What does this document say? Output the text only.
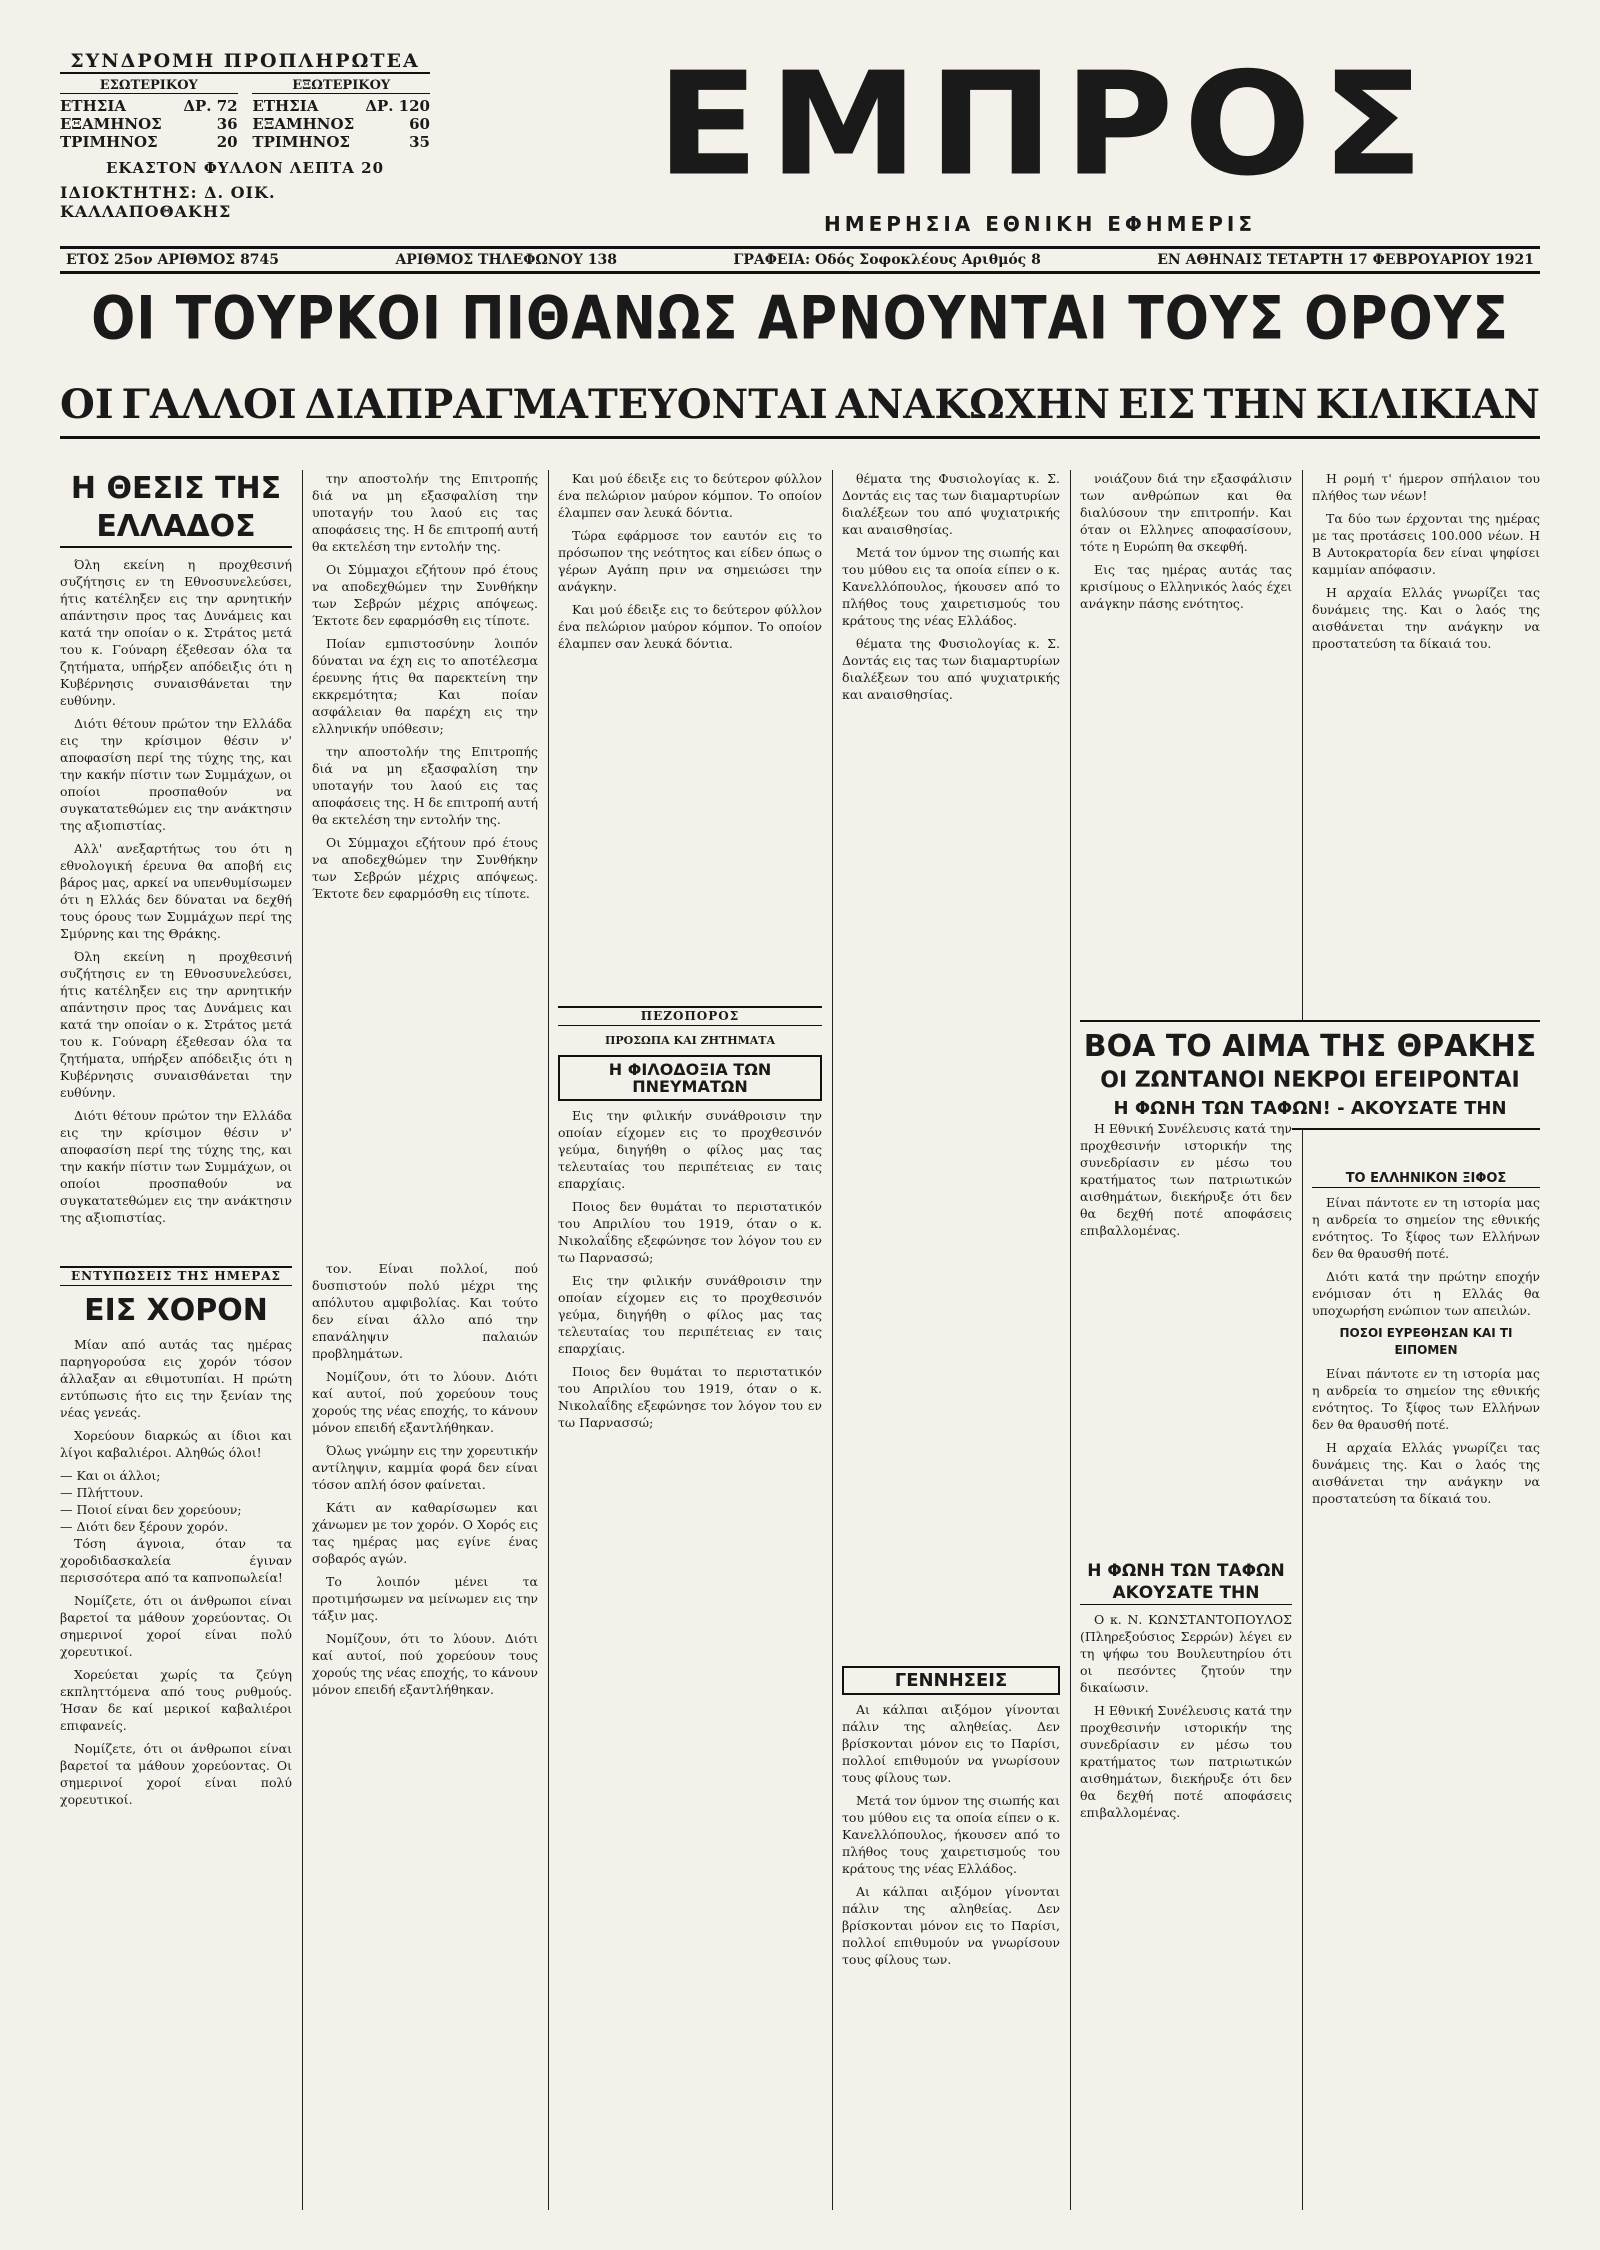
ΣΥΝΔΡΟΜΗ ΠΡΟΠΛΗΡΩΤΕΑ
ΕΣΩΤΕΡΙΚΟΥ
ΕΤΗΣΙΑ	ΔΡ. 72
ΕΞΑΜΗΝΟΣ	36
ΤΡΙΜΗΝΟΣ	20
ΕΞΩΤΕΡΙΚΟΥ
ΕΤΗΣΙΑ	ΔΡ. 120
ΕΞΑΜΗΝΟΣ	60
ΤΡΙΜΗΝΟΣ	35
ΕΚΑΣΤΟΝ ΦΥΛΛΟΝ ΛΕΠΤΑ 20
ΙΔΙΟΚΤΗΤΗΣ: Δ. ΟΙΚ. ΚΑΛΛΑΠΟΘΑΚΗΣ
ΕΜΠΡΟΣ
ΗΜΕΡΗΣΙΑ ΕΘΝΙΚΗ ΕΦΗΜΕΡΙΣ
ΕΤΟΣ 25ον ΑΡΙΘΜΟΣ 8745	ΑΡΙΘΜΟΣ ΤΗΛΕΦΩΝΟΥ 138	ΓΡΑΦΕΙΑ: Οδός Σοφοκλέους Αριθμός 8	ΕΝ ΑΘΗΝΑΙΣ ΤΕΤΑΡΤΗ 17 ΦΕΒΡΟΥΑΡΙΟΥ 1921
ΟΙ ΤΟΥΡΚΟΙ ΠΙΘΑΝΩΣ ΑΡΝΟΥΝΤΑΙ ΤΟΥΣ ΟΡΟΥΣ
ΟΙ ΓΑΛΛΟΙ ΔΙΑΠΡΑΓΜΑΤΕΥΟΝΤΑΙ ΑΝΑΚΩΧΗΝ ΕΙΣ ΤΗΝ ΚΙΛΙΚΙΑΝ
Η ΘΕΣΙΣ ΤΗΣ ΕΛΛΑΔΟΣ

Όλη εκείνη η προχθεσινή συζήτησις εν τη Εθνοσυνελεύσει, ήτις κατέληξεν εις την αρνητικήν απάντησιν προς τας Δυνάμεις και κατά την οποίαν ο κ. Στράτος μετά του κ. Γούναρη έξεθεσαν όλα τα ζητήματα, υπήρξεν απόδειξις ότι η Κυβέρνησις συναισθάνεται την ευθύνην.

Διότι θέτουν πρώτον την Ελλάδα εις την κρίσιμον θέσιν ν' αποφασίση περί της τύχης της, και την κακήν πίστιν των Συμμάχων, οι οποίοι προσπαθούν να συγκατατεθώμεν εις την ανάκτησιν της αξιοπιστίας.

Αλλ' ανεξαρτήτως του ότι η εθνολογική έρευνα θα αποβή εις βάρος μας, αρκεί να υπενθυμίσωμεν ότι η Ελλάς δεν δύναται να δεχθή τους όρους των Συμμάχων περί της Σμύρνης και της Θράκης.

Όλη εκείνη η προχθεσινή συζήτησις εν τη Εθνοσυνελεύσει, ήτις κατέληξεν εις την αρνητικήν απάντησιν προς τας Δυνάμεις και κατά την οποίαν ο κ. Στράτος μετά του κ. Γούναρη έξεθεσαν όλα τα ζητήματα, υπήρξεν απόδειξις ότι η Κυβέρνησις συναισθάνεται την ευθύνην.

Διότι θέτουν πρώτον την Ελλάδα εις την κρίσιμον θέσιν ν' αποφασίση περί της τύχης της, και την κακήν πίστιν των Συμμάχων, οι οποίοι προσπαθούν να συγκατατεθώμεν εις την ανάκτησιν της αξιοπιστίας.

ΕΝΤΥΠΩΣΕΙΣ ΤΗΣ ΗΜΕΡΑΣ
ΕΙΣ ΧΟΡΟΝ

Μίαν από αυτάς τας ημέρας παρηγορούσα εις χορόν τόσον άλλαξαν αι εθιμοτυπίαι. Η πρώτη εντύπωσις ήτο εις την ξενίαν της νέας γενεάς.

Χορεύουν διαρκώς αι ίδιοι και λίγοι καβαλιέροι. Αληθώς όλοι!

— Και οι άλλοι;
— Πλήττουν.
— Ποιοί είναι δεν χορεύουν;
— Διότι δεν ξέρουν χορόν.

Τόση άγνοια, όταν τα χοροδιδασκαλεία έγιναν περισσότερα από τα καπνοπωλεία!

Νομίζετε, ότι οι άνθρωποι είναι βαρετοί τα μάθουν χορεύοντας. Οι σημερινοί χοροί είναι πολύ χορευτικοί.

Χορεύεται χωρίς τα ζεύγη εκπληττόμενα από τους ρυθμούς. Ήσαν δε καί μερικοί καβαλιέροι επιφανείς.

Νομίζετε, ότι οι άνθρωποι είναι βαρετοί τα μάθουν χορεύοντας. Οι σημερινοί χοροί είναι πολύ χορευτικοί.

την αποστολήν της Επιτροπής διά να μη εξασφαλίση την υποταγήν του λαού εις τας αποφάσεις της. Η δε επιτροπή αυτή θα εκτελέση την εντολήν της.

Οι Σύμμαχοι εζήτουν πρό έτους να αποδεχθώμεν την Συνθήκην των Σεβρών μέχρις απόψεως. Έκτοτε δεν εφαρμόσθη εις τίποτε.

Ποίαν εμπιστοσύνην λοιπόν δύναται να έχη εις το αποτέλεσμα έρευνης ήτις θα παρεκτείνη την εκκρεμότητα; Και ποίαν ασφάλειαν θα παρέχη εις την ελληνικήν υπόθεσιν;

την αποστολήν της Επιτροπής διά να μη εξασφαλίση την υποταγήν του λαού εις τας αποφάσεις της. Η δε επιτροπή αυτή θα εκτελέση την εντολήν της.

Οι Σύμμαχοι εζήτουν πρό έτους να αποδεχθώμεν την Συνθήκην των Σεβρών μέχρις απόψεως. Έκτοτε δεν εφαρμόσθη εις τίποτε.

τον. Είναι πολλοί, πού δυσπιστούν πολύ μέχρι της απόλυτου αμφιβολίας. Και τούτο δεν είναι άλλο από την επανάληψιν παλαιών προβλημάτων.

Νομίζουν, ότι το λύουν. Διότι καί αυτοί, πού χορεύουν τους χορούς της νέας εποχής, το κάνουν μόνον επειδή εξαντλήθηκαν.

Όλως γνώμην εις την χορευτικήν αντίληψιν, καμμία φορά δεν είναι τόσον απλή όσον φαίνεται.

Κάτι αν καθαρίσωμεν και χάνωμεν με τον χορόν. Ο Χορός εις τας ημέρας μας εγίνε ένας σοβαρός αγών.

Το λοιπόν μένει τα προτιμήσωμεν να μείνωμεν εις την τάξιν μας.

Νομίζουν, ότι το λύουν. Διότι καί αυτοί, πού χορεύουν τους χορούς της νέας εποχής, το κάνουν μόνον επειδή εξαντλήθηκαν.

Και μού έδειξε εις το δεύτερον φύλλον ένα πελώριον μαύρον κόμπον. Το οποίον έλαμπεν σαν λευκά δόντια.

Τώρα εφάρμοσε τον εαυτόν εις το πρόσωπον της νεότητος και είδεν όπως ο γέρων Αγάπη πριν να σημειώσει την ανάγκην.

Και μού έδειξε εις το δεύτερον φύλλον ένα πελώριον μαύρον κόμπον. Το οποίον έλαμπεν σαν λευκά δόντια.

ΠΕΖΟΠΟΡΟΣ
ΠΡΟΣΩΠΑ ΚΑΙ ΖΗΤΗΜΑΤΑ
Η ΦΙΛΟΔΟΞΙΑ ΤΩΝ ΠΝΕΥΜΑΤΩΝ

Εις την φιλικήν συνάθροισιν την οποίαν είχομεν εις το προχθεσινόν γεύμα, διηγήθη ο φίλος μας τας τελευταίας του περιπέτειας εν ταις επαρχίαις.

Ποιος δεν θυμάται το περιστατικόν του Απριλίου του 1919, όταν ο κ. Νικολαΐδης εξεφώνησε τον λόγον του εν τω Παρνασσώ;

Εις την φιλικήν συνάθροισιν την οποίαν είχομεν εις το προχθεσινόν γεύμα, διηγήθη ο φίλος μας τας τελευταίας του περιπέτειας εν ταις επαρχίαις.

Ποιος δεν θυμάται το περιστατικόν του Απριλίου του 1919, όταν ο κ. Νικολαΐδης εξεφώνησε τον λόγον του εν τω Παρνασσώ;

θέματα της Φυσιολογίας κ. Σ. Δοντάς εις τας των διαμαρτυρίων διαλέξεων του από ψυχιατρικής και αναισθησίας.

Μετά τον ύμνον της σιωπής και του μύθου εις τα οποία είπεν ο κ. Κανελλόπουλος, ήκουσεν από το πλήθος τους χαιρετισμούς του κράτους της νέας Ελλάδος.

θέματα της Φυσιολογίας κ. Σ. Δοντάς εις τας των διαμαρτυρίων διαλέξεων του από ψυχιατρικής και αναισθησίας.

ΓΕΝΝΗΣΕΙΣ

Αι κάλπαι αιξόμον γίνονται πάλιν της αληθείας. Δεν βρίσκονται μόνον εις το Παρίσι, πολλοί επιθυμούν να γνωρίσουν τους φίλους των.

Μετά τον ύμνον της σιωπής και του μύθου εις τα οποία είπεν ο κ. Κανελλόπουλος, ήκουσεν από το πλήθος τους χαιρετισμούς του κράτους της νέας Ελλάδος.

Αι κάλπαι αιξόμον γίνονται πάλιν της αληθείας. Δεν βρίσκονται μόνον εις το Παρίσι, πολλοί επιθυμούν να γνωρίσουν τους φίλους των.

νοιάζουν διά την εξασφάλισιν των ανθρώπων και θα διαλύσουν την επιτροπήν. Και όταν οι Ελληνες αποφασίσουν, τότε η Ευρώπη θα σκεφθή.

Εις τας ημέρας αυτάς τας κρισίμους ο Ελληνικός λαός έχει ανάγκην πάσης ενότητος.

Η ΦΩΝΗ ΤΩΝ ΤΑΦΩΝ
ΑΚΟΥΣΑΤΕ ΤΗΝ

Ο κ. Ν. ΚΩΝΣΤΑΝΤΟΠΟΥΛΟΣ (Πληρεξούσιος Σερρών) λέγει εν τη ψήφω του Βουλευτηρίου ότι οι πεσόντες ζητούν την δικαίωσιν.

Η Εθνική Συνέλευσις κατά την προχθεσινήν ιστορικήν της συνεδρίασιν εν μέσω του κρατήματος των πατριωτικών αισθημάτων, διεκήρυξε ότι δεν θα δεχθή ποτέ αποφάσεις επιβαλλομένας.

Η ρομή τ' ήμερον σπήλαιον του πλήθος των νέων!

Τα δύο των έρχονται της ημέρας με τας προτάσεις 100.000 νέων. Η Β Αυτοκρατορία δεν είναι ψηφίσει καμμίαν απόφασιν.

Η αρχαία Ελλάς γνωρίζει τας δυνάμεις της. Και ο λαός της αισθάνεται την ανάγκην να προστατεύση τα δίκαιά του.

ΤΟ ΕΛΛΗΝΙΚΟΝ ΞΙΦΟΣ

Είναι πάντοτε εν τη ιστορία μας η ανδρεία το σημείον της εθνικής ενότητος. Το ξίφος των Ελλήνων δεν θα θραυσθή ποτέ.

Διότι κατά την πρώτην εποχήν ενόμισαν ότι η Ελλάς θα υποχωρήση ενώπιον των απειλών.

ΠΟΣΟΙ ΕΥΡΕΘΗΣΑΝ ΚΑΙ ΤΙ ΕΙΠΟΜΕΝ

Είναι πάντοτε εν τη ιστορία μας η ανδρεία το σημείον της εθνικής ενότητος. Το ξίφος των Ελλήνων δεν θα θραυσθή ποτέ.

Η αρχαία Ελλάς γνωρίζει τας δυνάμεις της. Και ο λαός της αισθάνεται την ανάγκην να προστατεύση τα δίκαιά του.

ΒΟΑ ΤΟ ΑΙΜΑ ΤΗΣ ΘΡΑΚΗΣ
ΟΙ ΖΩΝΤΑΝΟΙ ΝΕΚΡΟΙ ΕΓΕΙΡΟΝΤΑΙ
Η ΦΩΝΗ ΤΩΝ ΤΑΦΩΝ! - ΑΚΟΥΣΑΤΕ ΤΗΝ

Η Εθνική Συνέλευσις κατά την προχθεσινήν ιστορικήν της συνεδρίασιν εν μέσω του κρατήματος των πατριωτικών αισθημάτων, διεκήρυξε ότι δεν θα δεχθή ποτέ αποφάσεις επιβαλλομένας.
